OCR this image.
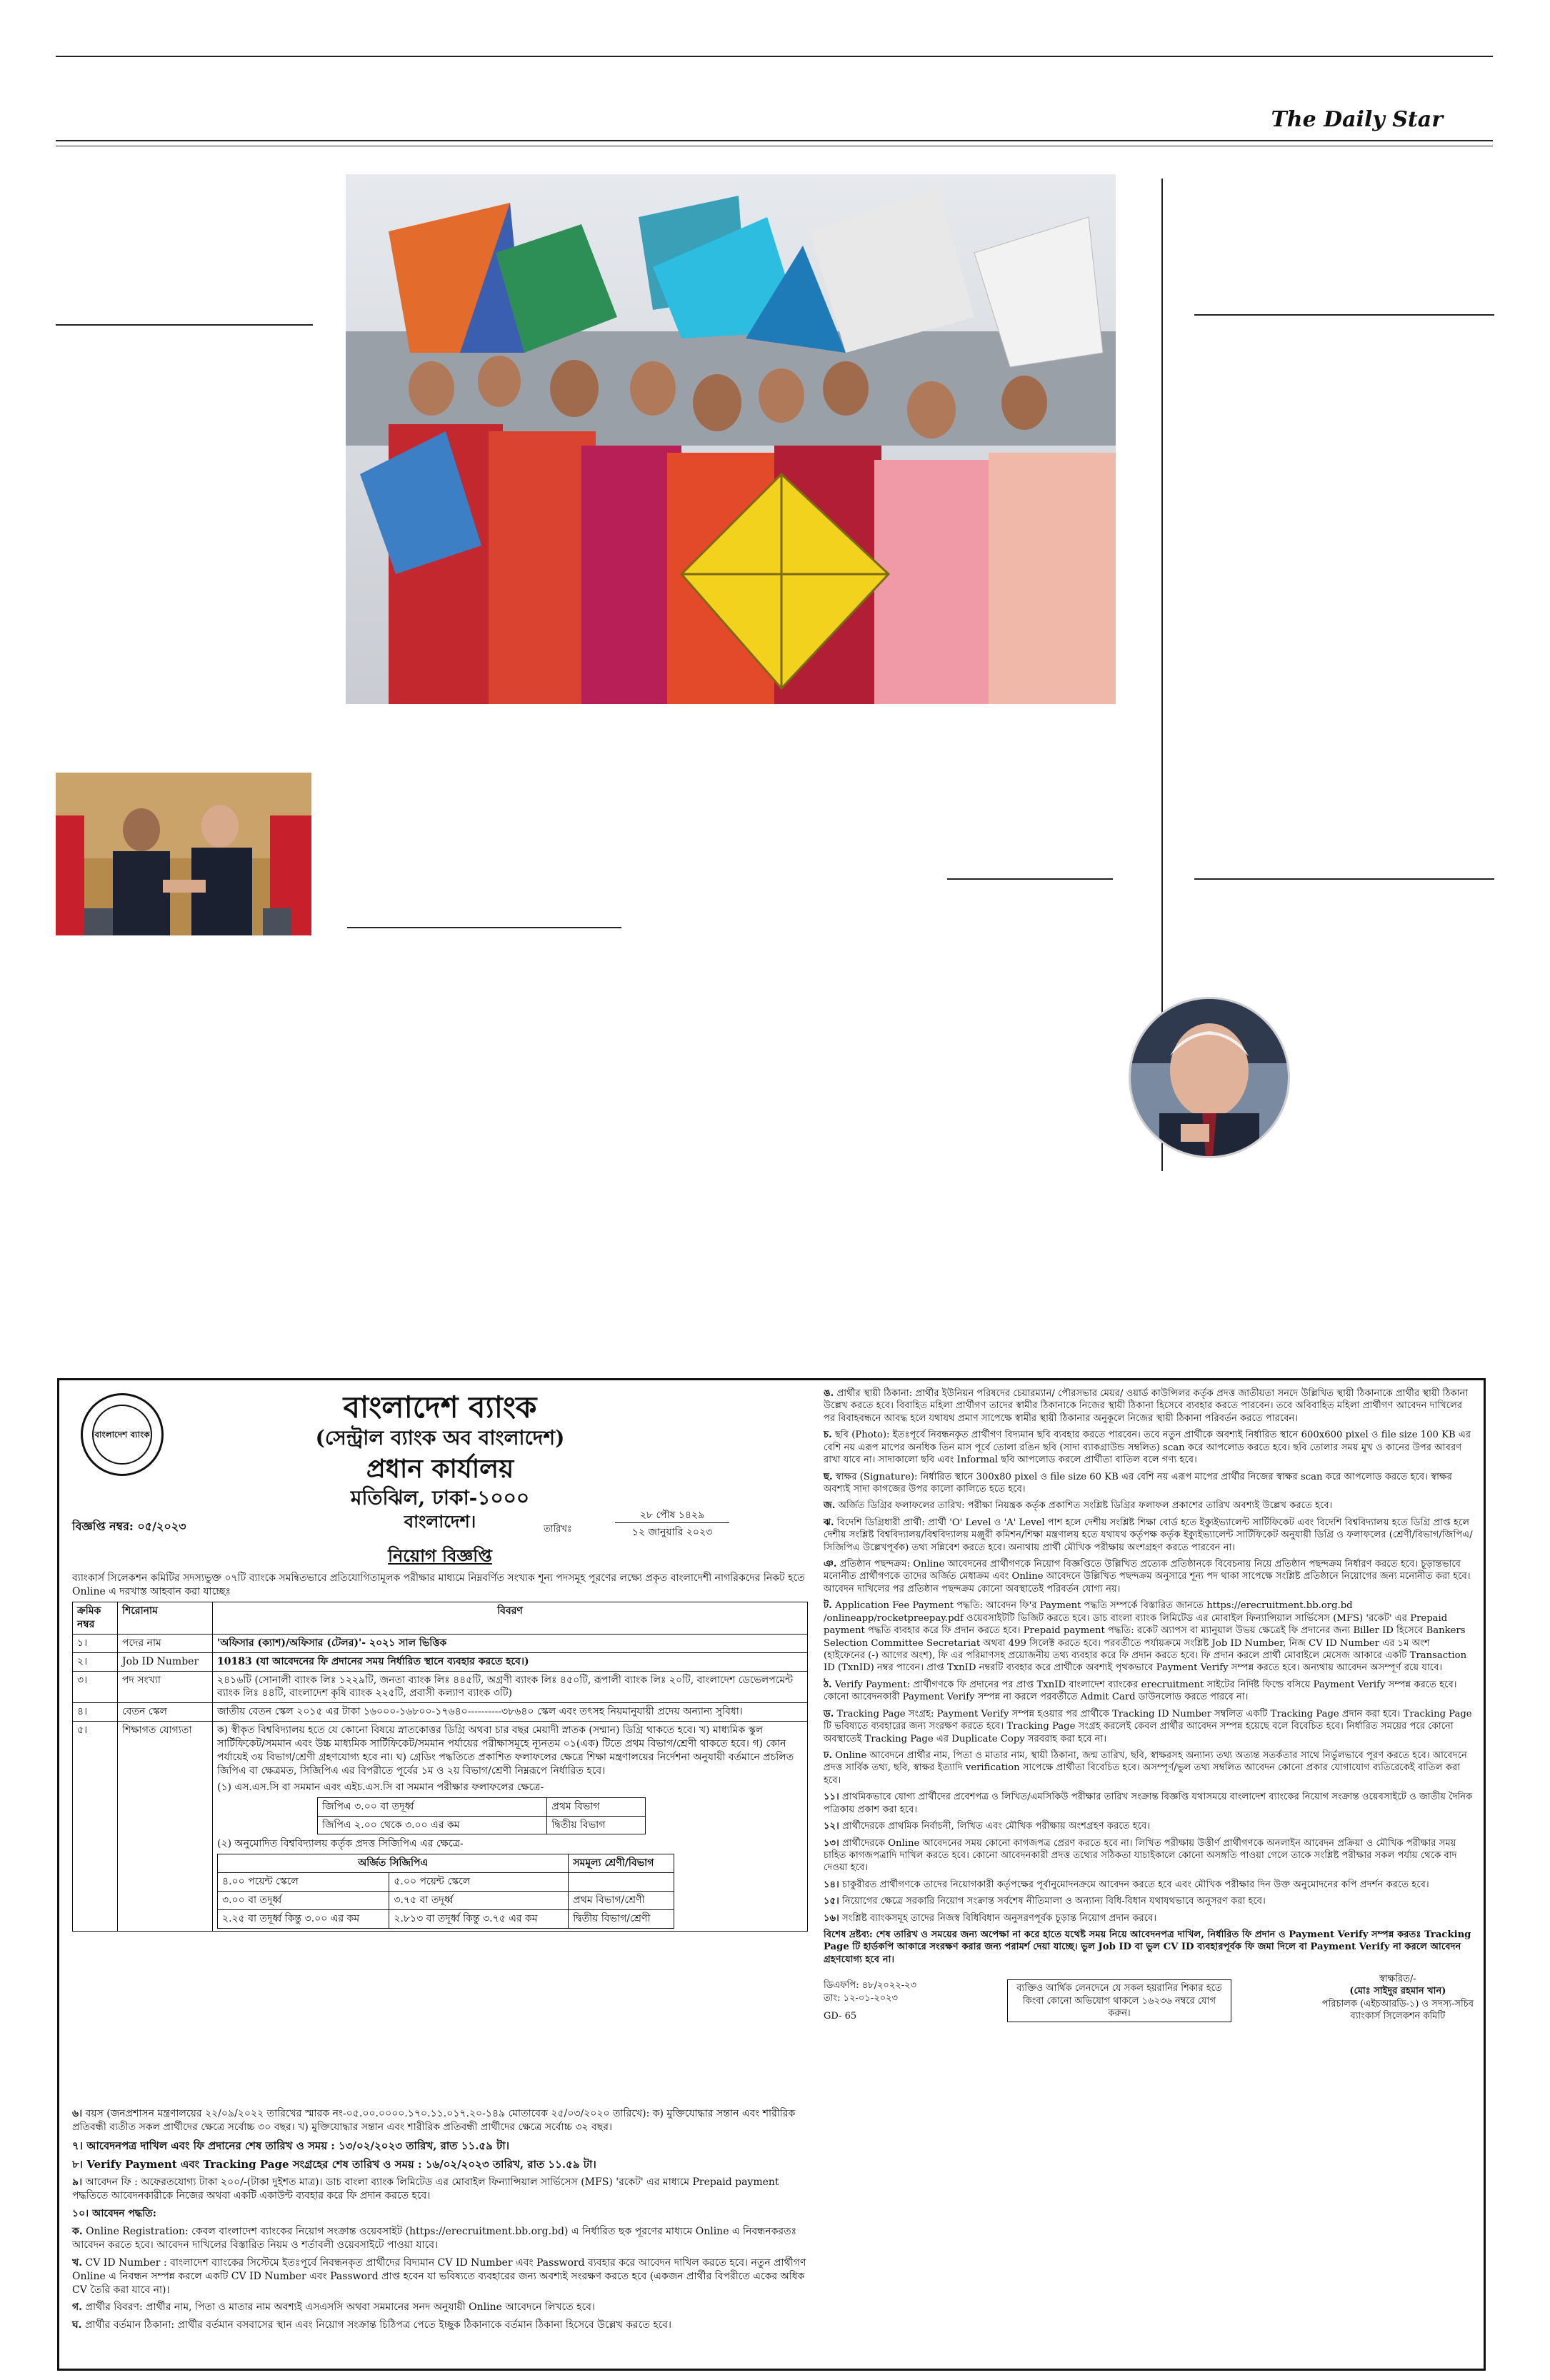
The Daily Star
বাংলাদেশ ব্যাংক
বাংলাদেশ ব্যাংক
(সেন্ট্রাল ব্যাংক অব বাংলাদেশ)
প্রধান কার্যালয়
মতিঝিল, ঢাকা-১০০০
বাংলাদেশ।
বিজ্ঞপ্তি নম্বর: ০৫/২০২৩	তারিখঃ
২৮ পৌষ ১৪২৯
১২ জানুয়ারি ২০২৩
নিয়োগ বিজ্ঞপ্তি
ব্যাংকার্স সিলেকশন কমিটির সদস্যভুক্ত ০৭টি ব্যাংকে সমন্বিতভাবে প্রতিযোগিতামূলক পরীক্ষার মাধ্যমে নিম্নবর্ণিত সংখ্যক শূন্য পদসমূহ পূরণের লক্ষ্যে প্রকৃত বাংলাদেশী নাগরিকদের নিকট হতে Online এ দরখাস্ত আহবান করা যাচ্ছেঃ
ক্রমিক নম্বর	শিরোনাম	বিবরণ
১।	পদের নাম	'অফিসার (ক্যাশ)/অফিসার (টেলর)'- ২০২১ সাল ভিত্তিক
২।	Job ID Number	10183 (যা আবেদনের ফি প্রদানের সময় নির্ধারিত স্থানে ব্যবহার করতে হবে।)
৩।	পদ সংখ্যা	২৪১৬টি (সোনালী ব্যাংক লিঃ ১২২৯টি, জনতা ব্যাংক লিঃ ৪৪৫টি, অগ্রণী ব্যাংক লিঃ ৪৫০টি, রূপালী ব্যাংক লিঃ ২০টি, বাংলাদেশ ডেভেলপমেন্ট ব্যাংক লিঃ ৪৪টি, বাংলাদেশ কৃষি ব্যাংক ২২৫টি, প্রবাসী কল্যাণ ব্যাংক ৩টি)
৪।	বেতন স্কেল	জাতীয় বেতন স্কেল ২০১৫ এর টাকা ১৬০০০-১৬৮০০-১৭৬৪০----------৩৮৬৪০ স্কেল এবং তৎসহ নিয়মানুযায়ী প্রদেয় অন্যান্য সুবিধা।
৫।	শিক্ষাগত যোগ্যতা	ক) স্বীকৃত বিশ্ববিদ্যালয় হতে যে কোনো বিষয়ে স্নাতকোত্তর ডিগ্রি অথবা চার বছর মেয়াদী স্নাতক (সম্মান) ডিগ্রি থাকতে হবে। খ) মাধ্যমিক স্কুল সার্টিফিকেট/সমমান এবং উচ্চ মাধ্যমিক সার্টিফিকেট/সমমান পর্যায়ের পরীক্ষাসমূহে ন্যূনতম ০১(এক) টিতে প্রথম বিভাগ/শ্রেণী থাকতে হবে। গ) কোন পর্যায়েই ৩য় বিভাগ/শ্রেণী গ্রহণযোগ্য হবে না। ঘ) গ্রেডিং পদ্ধতিতে প্রকাশিত ফলাফলের ক্ষেত্রে শিক্ষা মন্ত্রণালয়ের নির্দেশনা অনুযায়ী বর্তমানে প্রচলিত জিপিএ বা ক্ষেত্রমত, সিজিপিএ এর বিপরীতে পূর্বের ১ম ও ২য় বিভাগ/শ্রেণী নিম্নরূপে নির্ধারিত হবে।
(১) এস.এস.সি বা সমমান এবং এইচ.এস.সি বা সমমান পরীক্ষার ফলাফলের ক্ষেত্রে-
জিপিএ ৩.০০ বা তদূর্ধ্ব	প্রথম বিভাগ
জিপিএ ২.০০ থেকে ৩.০০ এর কম	দ্বিতীয় বিভাগ
(২) অনুমোদিত বিশ্ববিদ্যালয় কর্তৃক প্রদত্ত সিজিপিএ এর ক্ষেত্রে-
অর্জিত সিজিপিএ	সমমূল্য শ্রেণী/বিভাগ
৪.০০ পয়েন্ট স্কেলে	৫.০০ পয়েন্ট স্কেলে	
৩.০০ বা তদূর্ধ্ব	৩.৭৫ বা তদূর্ধ্ব	প্রথম বিভাগ/শ্রেণী
২.২৫ বা তদূর্ধ্ব কিন্তু ৩.০০ এর কম	২.৮১৩ বা তদূর্ধ্ব কিন্তু ৩.৭৫ এর কম	দ্বিতীয় বিভাগ/শ্রেণী
৬। বয়স (জনপ্রশাসন মন্ত্রণালয়ের ২২/০৯/২০২২ তারিখের স্মারক নং-০৫.০০.০০০০.১৭০.১১.০১৭.২০-১৪৯ মোতাবেক ২৫/০৩/২০২০ তারিখে): ক) মুক্তিযোদ্ধার সন্তান এবং শারীরিক প্রতিবন্ধী ব্যতীত সকল প্রার্থীদের ক্ষেত্রে সর্বোচ্চ ৩০ বছর। খ) মুক্তিযোদ্ধার সন্তান এবং শারীরিক প্রতিবন্ধী প্রার্থীদের ক্ষেত্রে সর্বোচ্চ ৩২ বছর।
৭। আবেদনপত্র দাখিল এবং ফি প্রদানের শেষ তারিখ ও সময় : ১৩/০২/২০২৩ তারিখ, রাত ১১.৫৯ টা।
৮। Verify Payment এবং Tracking Page সংগ্রহের শেষ তারিখ ও সময় : ১৬/০২/২০২৩ তারিখ, রাত ১১.৫৯ টা।
৯। আবেদন ফি : অফেরতযোগ্য টাকা ২০০/-(টাকা দুইশত মাত্র)। ডাচ বাংলা ব্যাংক লিমিটেড এর মোবাইল ফিন্যান্সিয়াল সার্ভিসেস (MFS) 'রকেট' এর মাধ্যমে Prepaid payment পদ্ধতিতে আবেদনকারীকে নিজের অথবা একটি একাউন্ট ব্যবহার করে ফি প্রদান করতে হবে।
১০। আবেদন পদ্ধতি:
ক. Online Registration: কেবল বাংলাদেশ ব্যাংকের নিয়োগ সংক্রান্ত ওয়েবসাইট (https://erecruitment.bb.org.bd) এ নির্ধারিত ছক পূরণের মাধ্যমে Online এ নিবন্ধনকরতঃ আবেদন করতে হবে। আবেদন দাখিলের বিস্তারিত নিয়ম ও শর্তাবলী ওয়েবসাইটে পাওয়া যাবে।
খ. CV ID Number : বাংলাদেশ ব্যাংকের সিস্টেমে ইতঃপূর্বে নিবন্ধনকৃত প্রার্থীদের বিদ্যমান CV ID Number এবং Password ব্যবহার করে আবেদন দাখিল করতে হবে। নতুন প্রার্থীগণ Online এ নিবন্ধন সম্পন্ন করলে একটি CV ID Number এবং Password প্রাপ্ত হবেন যা ভবিষ্যতে ব্যবহারের জন্য অবশ্যই সংরক্ষণ করতে হবে (একজন প্রার্থীর বিপরীতে একের অধিক CV তৈরি করা যাবে না)।
গ. প্রার্থীর বিবরণ: প্রার্থীর নাম, পিতা ও মাতার নাম অবশ্যই এসএসসি অথবা সমমানের সনদ অনুযায়ী Online আবেদনে লিখতে হবে।
ঘ. প্রার্থীর বর্তমান ঠিকানা: প্রার্থীর বর্তমান বসবাসের স্থান এবং নিয়োগ সংক্রান্ত চিঠিপত্র পেতে ইচ্ছুক ঠিকানাকে বর্তমান ঠিকানা হিসেবে উল্লেখ করতে হবে।
ঙ. প্রার্থীর স্থায়ী ঠিকানা: প্রার্থীর ইউনিয়ন পরিষদের চেয়ারম্যান/ পৌরসভার মেয়র/ ওয়ার্ড কাউন্সিলর কর্তৃক প্রদত্ত জাতীয়তা সনদে উল্লিখিত স্থায়ী ঠিকানাকে প্রার্থীর স্থায়ী ঠিকানা উল্লেখ করতে হবে। বিবাহিত মহিলা প্রার্থীগণ তাদের স্বামীর ঠিকানাকে নিজের স্থায়ী ঠিকানা হিসেবে ব্যবহার করতে পারবেন। তবে অবিবাহিত মহিলা প্রার্থীগণ আবেদন দাখিলের পর বিবাহবন্ধনে আবদ্ধ হলে যথাযথ প্রমাণ সাপেক্ষে স্বামীর স্থায়ী ঠিকানার অনুকূলে নিজের স্থায়ী ঠিকানা পরিবর্তন করতে পারবেন।
চ. ছবি (Photo): ইতঃপূর্বে নিবন্ধনকৃত প্রার্থীগণ বিদ্যমান ছবি ব্যবহার করতে পারবেন। তবে নতুন প্রার্থীকে অবশ্যই নির্ধারিত স্থানে 600x600 pixel ও file size 100 KB এর বেশি নয় এরূপ মাপের অনধিক তিন মাস পূর্বে তোলা রঙিন ছবি (সাদা ব্যাকগ্রাউন্ড সম্বলিত) scan করে আপলোড করতে হবে। ছবি তোলার সময় মুখ ও কানের উপর আবরণ রাখা যাবে না। সাদাকালো ছবি এবং Informal ছবি আপলোড করলে প্রার্থীতা বাতিল বলে গণ্য হবে।
ছ. স্বাক্ষর (Signature): নির্ধারিত স্থানে 300x80 pixel ও file size 60 KB এর বেশি নয় এরূপ মাপের প্রার্থীর নিজের স্বাক্ষর scan করে আপলোড করতে হবে। স্বাক্ষর অবশ্যই সাদা কাগজের উপর কালো কালিতে হতে হবে।
জ. অর্জিত ডিগ্রির ফলাফলের তারিখ: পরীক্ষা নিয়ন্ত্রক কর্তৃক প্রকাশিত সংশ্লিষ্ট ডিগ্রির ফলাফল প্রকাশের তারিখ অবশ্যই উল্লেখ করতে হবে।
ঝ. বিদেশি ডিগ্রিধারী প্রার্থী: প্রার্থী 'O' Level ও 'A' Level পাশ হলে দেশীয় সংশ্লিষ্ট শিক্ষা বোর্ড হতে ইক্যুইভ্যালেন্ট সার্টিফিকেট এবং বিদেশি বিশ্ববিদ্যালয় হতে ডিগ্রি প্রাপ্ত হলে দেশীয় সংশ্লিষ্ট বিশ্ববিদ্যালয়/বিশ্ববিদ্যালয় মঞ্জুরী কমিশন/শিক্ষা মন্ত্রণালয় হতে যথাযথ কর্তৃপক্ষ কর্তৃক ইক্যুইভ্যালেন্ট সার্টিফিকেট অনুযায়ী ডিগ্রি ও ফলাফলের (শ্রেণী/বিভাগ/জিপিএ/সিজিপিএ উল্লেখপূর্বক) তথ্য সন্নিবেশ করতে হবে। অন্যথায় প্রার্থী মৌখিক পরীক্ষায় অংশগ্রহণ করতে পারবেন না।
ঞ. প্রতিষ্ঠান পছন্দক্রম: Online আবেদনের প্রার্থীগণকে নিয়োগ বিজ্ঞপ্তিতে উল্লিখিত প্রত্যেক প্রতিষ্ঠানকে বিবেচনায় নিয়ে প্রতিষ্ঠান পছন্দক্রম নির্ধারণ করতে হবে। চূড়ান্তভাবে মনোনীত প্রার্থীগণকে তাদের অর্জিত মেধাক্রম এবং Online আবেদনে উল্লিখিত পছন্দক্রম অনুসারে শূন্য পদ থাকা সাপেক্ষে সংশ্লিষ্ট প্রতিষ্ঠানে নিয়োগের জন্য মনোনীত করা হবে। আবেদন দাখিলের পর প্রতিষ্ঠান পছন্দক্রম কোনো অবস্থাতেই পরিবর্তন যোগ্য নয়।
ট. Application Fee Payment পদ্ধতি: আবেদন ফি'র Payment পদ্ধতি সম্পর্কে বিস্তারিত জানতে https://erecruitment.bb.org.bd /onlineapp/rocketpreepay.pdf ওয়েবসাইটটি ভিজিট করতে হবে। ডাচ বাংলা ব্যাংক লিমিটেড এর মোবাইল ফিন্যান্সিয়াল সার্ভিসেস (MFS) 'রকেট' এর Prepaid payment পদ্ধতি ব্যবহার করে ফি প্রদান করতে হবে। Prepaid payment পদ্ধতি: রকেট অ্যাপস বা ম্যানুয়াল উভয় ক্ষেত্রেই ফি প্রদানের জন্য Biller ID হিসেবে Bankers Selection Committee Secretariat অথবা 499 সিলেক্ট করতে হবে। পরবর্তীতে পর্যায়ক্রমে সংশ্লিষ্ট Job ID Number, নিজ CV ID Number এর ১ম অংশ (হাইফেনের (-) আগের অংশ), ফি এর পরিমাণসহ প্রয়োজনীয় তথ্য ব্যবহার করে ফি প্রদান করতে হবে। ফি প্রদান করলে প্রার্থী মোবাইলে মেসেজ আকারে একটি Transaction ID (TxnID) নম্বর পাবেন। প্রাপ্ত TxnID নম্বরটি ব্যবহার করে প্রার্থীকে অবশ্যই পৃথকভাবে Payment Verify সম্পন্ন করতে হবে। অন্যথায় আবেদন অসম্পূর্ণ রয়ে যাবে।
ঠ. Verify Payment: প্রার্থীগণকে ফি প্রদানের পর প্রাপ্ত TxnID বাংলাদেশ ব্যাংকের erecruitment সাইটের নির্দিষ্ট ফিল্ডে বসিয়ে Payment Verify সম্পন্ন করতে হবে। কোনো আবেদনকারী Payment Verify সম্পন্ন না করলে পরবর্তীতে Admit Card ডাউনলোড করতে পারবে না।
ড. Tracking Page সংগ্রহ: Payment Verify সম্পন্ন হওয়ার পর প্রার্থীকে Tracking ID Number সম্বলিত একটি Tracking Page প্রদান করা হবে। Tracking Page টি ভবিষ্যতে ব্যবহারের জন্য সংরক্ষণ করতে হবে। Tracking Page সংগ্রহ করলেই কেবল প্রার্থীর আবেদন সম্পন্ন হয়েছে বলে বিবেচিত হবে। নির্ধারিত সময়ের পরে কোনো অবস্থাতেই Tracking Page এর Duplicate Copy সরবরাহ করা হবে না।
ঢ. Online আবেদনে প্রার্থীর নাম, পিতা ও মাতার নাম, স্থায়ী ঠিকানা, জন্ম তারিখ, ছবি, স্বাক্ষরসহ অন্যান্য তথ্য অত্যন্ত সতর্কতার সাথে নির্ভুলভাবে পূরণ করতে হবে। আবেদনে প্রদত্ত সার্বিক তথ্য, ছবি, স্বাক্ষর ইত্যাদি verification সাপেক্ষে প্রার্থীতা বিবেচিত হবে। অসম্পূর্ণ/ভুল তথ্য সম্বলিত আবেদন কোনো প্রকার যোগাযোগ ব্যতিরেকেই বাতিল করা হবে।
১১। প্রাথমিকভাবে যোগ্য প্রার্থীদের প্রবেশপত্র ও লিখিত/এমসিকিউ পরীক্ষার তারিখ সংক্রান্ত বিজ্ঞপ্তি যথাসময়ে বাংলাদেশ ব্যাংকের নিয়োগ সংক্রান্ত ওয়েবসাইটে ও জাতীয় দৈনিক পত্রিকায় প্রকাশ করা হবে।
১২। প্রার্থীদেরকে প্রাথমিক নির্বাচনী, লিখিত এবং মৌখিক পরীক্ষায় অংশগ্রহণ করতে হবে।
১৩। প্রার্থীদেরকে Online আবেদনের সময় কোনো কাগজপত্র প্রেরণ করতে হবে না। লিখিত পরীক্ষায় উত্তীর্ণ প্রার্থীগণকে অনলাইন আবেদন প্রক্রিয়া ও মৌখিক পরীক্ষার সময় চাহিত কাগজপত্রাদি দাখিল করতে হবে। কোনো আবেদনকারী প্রদত্ত তথ্যের সঠিকতা যাচাইকালে কোনো অসঙ্গতি পাওয়া গেলে তাকে সংশ্লিষ্ট পরীক্ষার সকল পর্যায় থেকে বাদ দেওয়া হবে।
১৪। চাকুরীরত প্রার্থীগণকে তাদের নিয়োগকারী কর্তৃপক্ষের পূর্বানুমোদনক্রমে আবেদন করতে হবে এবং মৌখিক পরীক্ষার দিন উক্ত অনুমোদনের কপি প্রদর্শন করতে হবে।
১৫। নিয়োগের ক্ষেত্রে সরকারি নিয়োগ সংক্রান্ত সর্বশেষ নীতিমালা ও অন্যান্য বিধি-বিধান যথাযথভাবে অনুসরণ করা হবে।
১৬। সংশ্লিষ্ট ব্যাংকসমূহ তাদের নিজস্ব বিধিবিধান অনুসরণপূর্বক চূড়ান্ত নিয়োগ প্রদান করবে।
বিশেষ দ্রষ্টব্য: শেষ তারিখ ও সময়ের জন্য অপেক্ষা না করে হাতে যথেষ্ট সময় নিয়ে আবেদনপত্র দাখিল, নির্ধারিত ফি প্রদান ও Payment Verify সম্পন্ন করতঃ Tracking Page টি হার্ডকপি আকারে সংরক্ষণ করার জন্য পরামর্শ দেয়া যাচ্ছে। ভুল Job ID বা ভুল CV ID ব্যবহারপূর্বক ফি জমা দিলে বা Payment Verify না করলে আবেদন গ্রহণযোগ্য হবে না।
ডিএফপি: ৪৮/২০২২-২৩
তাং: ১২-০১-২০২৩
GD- 65
ব্যক্তিও আর্থিক লেনদেনে যে সকল হয়রানির শিকার হতে কিংবা কোনো অভিযোগ থাকলে ১৬২৩৬ নম্বরে যোগ করুন।
স্বাক্ষরিত/-
(মোঃ সাইদুর রহমান খান)
পরিচালক (এইচআরডি-১) ও সদস্য-সচিব
ব্যাংকার্স সিলেকশন কমিটি
